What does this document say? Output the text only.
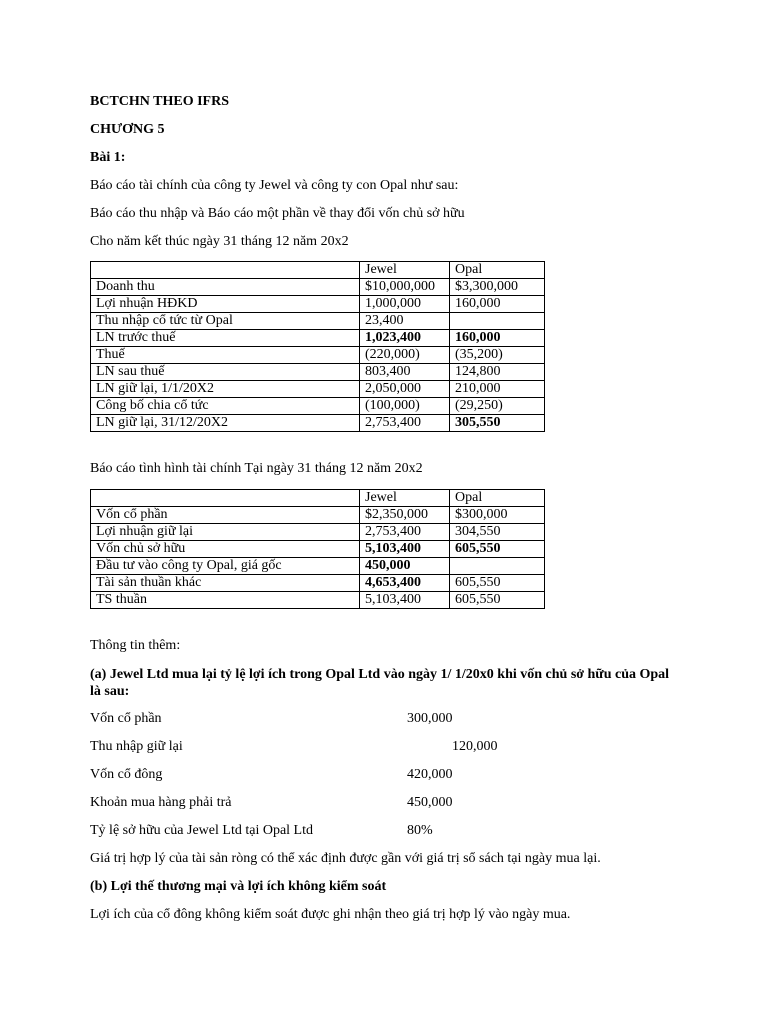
BCTCHN THEO IFRS
CHƯƠNG 5
Bài 1:
Báo cáo tài chính của công ty Jewel và công ty con Opal như sau:
Báo cáo thu nhập và Báo cáo một phần về thay đổi vốn chủ sở hữu
Cho năm kết thúc ngày 31 tháng 12 năm 20x2
	Jewel	Opal
Doanh thu	$10,000,000	$3,300,000
Lợi nhuận HĐKD	1,000,000	160,000
Thu nhập cổ tức từ Opal	23,400	
LN trước thuế	1,023,400	160,000
Thuế	(220,000)	(35,200)
LN sau thuế	803,400	124,800
LN giữ lại, 1/1/20X2	2,050,000	210,000
Công bố chia cổ tức	(100,000)	(29,250)
LN giữ lại, 31/12/20X2	2,753,400	305,550
Báo cáo tình hình tài chính Tại ngày 31 tháng 12 năm 20x2
	Jewel	Opal
Vốn cổ phần	$2,350,000	$300,000
Lợi nhuận giữ lại	2,753,400	304,550
Vốn chủ sở hữu	5,103,400	605,550
Đầu tư vào công ty Opal, giá gốc	450,000	
Tài sản thuần khác	4,653,400	605,550
TS thuần	5,103,400	605,550
Thông tin thêm:
(a) Jewel Ltd mua lại tỷ lệ lợi ích trong Opal Ltd vào ngày 1/ 1/20x0 khi vốn chủ sở hữu của Opal là sau:
Vốn cổ phần	300,000
Thu nhập giữ lại	120,000
Vốn cổ đông	420,000
Khoản mua hàng phải trả	450,000
Tỷ lệ sở hữu của Jewel Ltd tại Opal Ltd	80%
Giá trị hợp lý của tài sản ròng có thể xác định được gần với giá trị sổ sách tại ngày mua lại.
(b) Lợi thế thương mại và lợi ích không kiểm soát
Lợi ích của cổ đông không kiểm soát được ghi nhận theo giá trị hợp lý vào ngày mua.
